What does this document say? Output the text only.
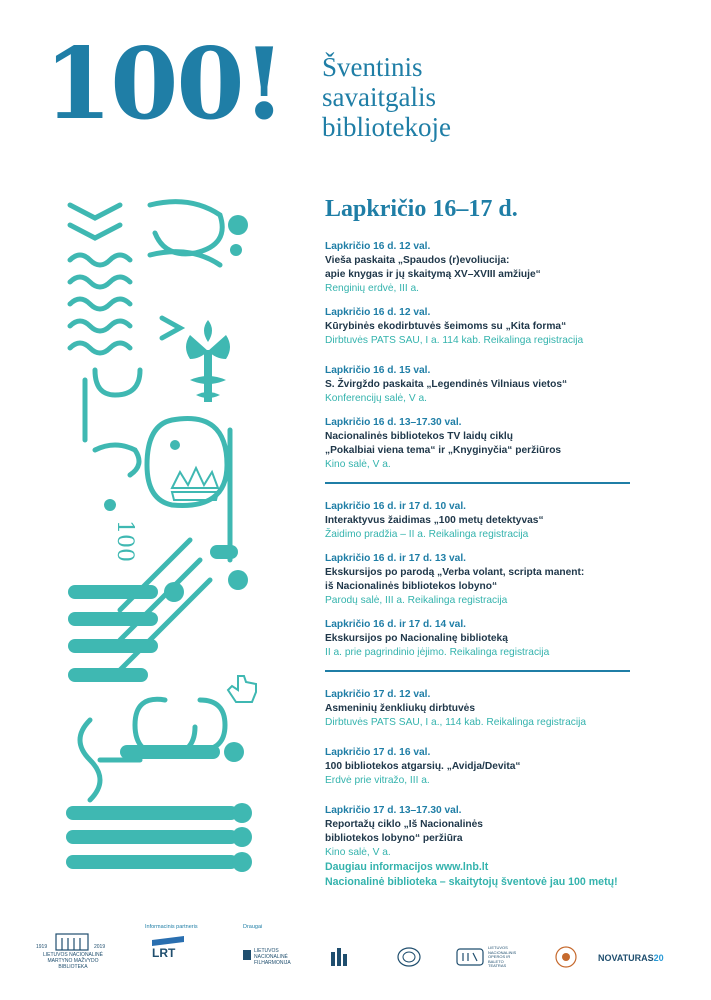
100
100! Šventinis
savaitgalis
bibliotekoje
Lapkričio 16–17 d.
Lapkričio 16 d. 12 val.
Vieša paskaita „Spaudos (r)evoliucija:
apie knygas ir jų skaitymą XV–XVIII amžiuje“
Renginių erdvė, III a.
Lapkričio 16 d. 12 val.
Kūrybinės ekodirbtuvės šeimoms su „Kita forma“
Dirbtuvės PATS SAU, I a. 114 kab. Reikalinga registracija
Lapkričio 16 d. 15 val.
S. Žvirgždo paskaita „Legendinės Vilniaus vietos“
Konferencijų salė, V a.
Lapkričio 16 d. 13–17.30 val.
Nacionalinės bibliotekos TV laidų ciklų
„Pokalbiai viena tema“ ir „Knyginyčia“ peržiūros
Kino salė, V a.
Lapkričio 16 d. ir 17 d. 10 val.
Interaktyvus žaidimas „100 metų detektyvas“
Žaidimo pradžia – II a. Reikalinga registracija
Lapkričio 16 d. ir 17 d. 13 val.
Ekskursijos po parodą „Verba volant, scripta manent:
iš Nacionalinės bibliotekos lobyno“
Parodų salė, III a. Reikalinga registracija
Lapkričio 16 d. ir 17 d. 14 val.
Ekskursijos po Nacionalinę biblioteką
II a. prie pagrindinio įėjimo. Reikalinga registracija
Lapkričio 17 d. 12 val.
Asmeninių ženkliukų dirbtuvės
Dirbtuvės PATS SAU, I a., 114 kab. Reikalinga registracija
Lapkričio 17 d. 16 val.
100 bibliotekos atgarsių. „Avidja/Devita“
Erdvė prie vitražo, III a.
Lapkričio 17 d. 13–17.30 val.
Reportažų ciklo „Iš Nacionalinės
bibliotekos lobyno“ peržiūra
Kino salė, V a.
Daugiau informacijos www.lnb.lt
Nacionalinė biblioteka – skaitytojų šventovė jau 100 metų!
1919	2019
LIETUVOS NACIONALINĖ
MARTYNO MAŽVYDO
BIBLIOTEKA
Informacinis partneris
LRT
Draugai
LIETUVOS
NACIONALINĖ
FILHARMONIJA
LIETUVOS
NACIONALINIS
OPEROS IR
BALETO
TEATRAS
NOVATURAS20
